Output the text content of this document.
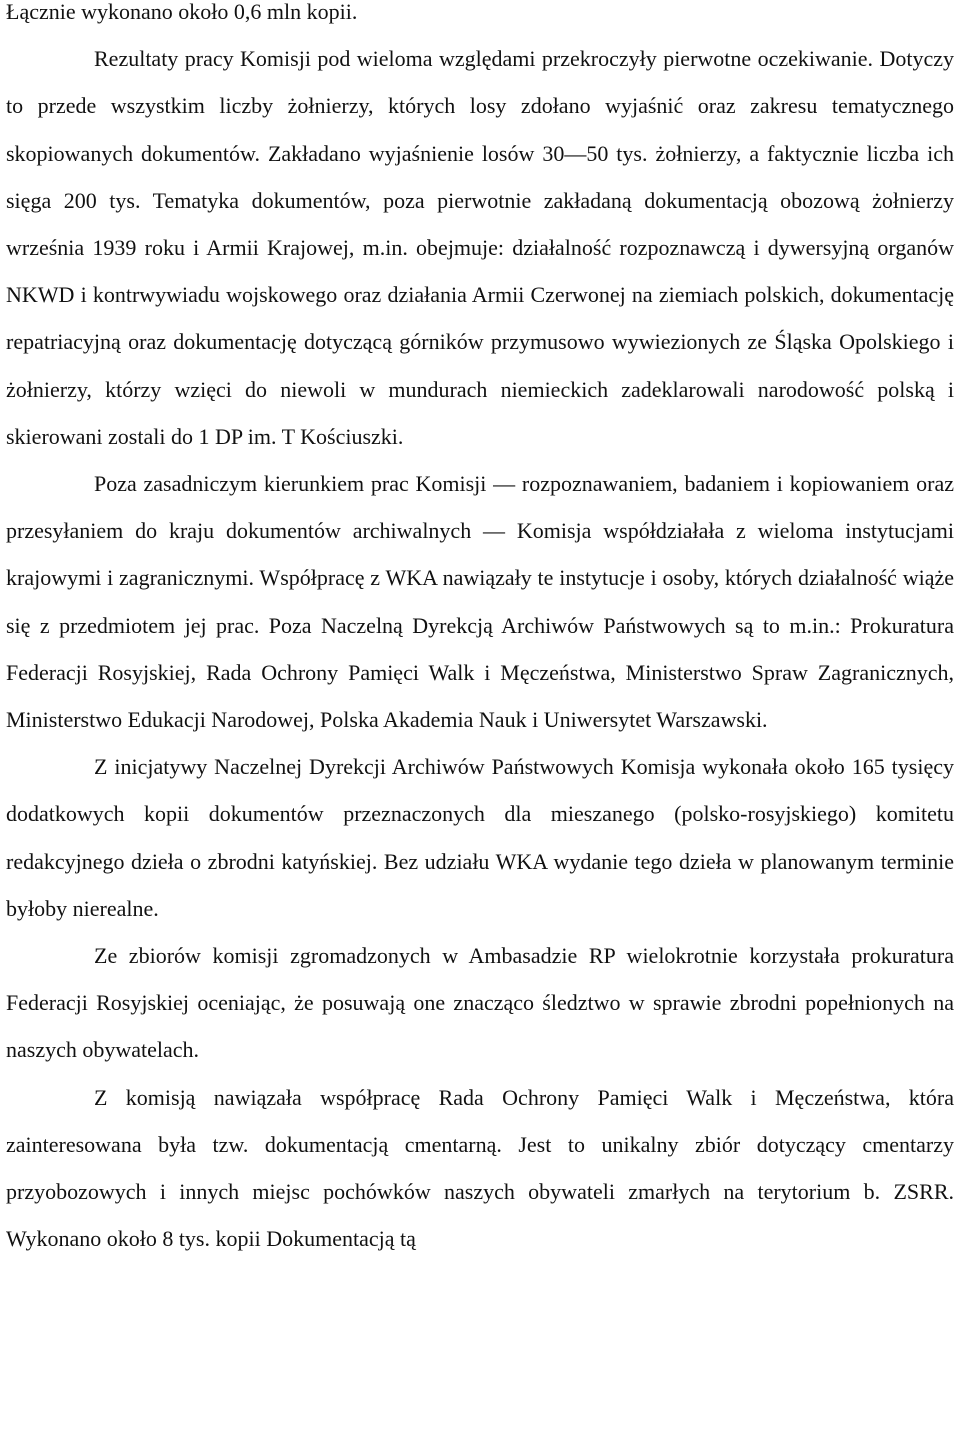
Łącznie wykonano około 0,6 mln kopii.

Rezultaty pracy Komisji pod wieloma względami przekroczyły pierwotne oczekiwanie. Dotyczy to przede wszystkim liczby żołnierzy, których losy zdołano wyjaśnić oraz zakresu tematycznego skopiowanych dokumentów. Zakładano wyjaśnienie losów 30—50 tys. żołnierzy, a faktycznie liczba ich sięga 200 tys. Tematyka dokumentów, poza pierwotnie zakładaną dokumentacją obozową żołnierzy września 1939 roku i Armii Krajowej, m.in. obejmuje: działalność rozpoznawczą i dywersyjną organów NKWD i kontrwywiadu wojskowego oraz działania Armii Czerwonej na ziemiach polskich, dokumentację repatriacyjną oraz dokumentację dotyczącą górników przymusowo wywiezionych ze Śląska Opolskiego i żołnierzy, którzy wzięci do niewoli w mundurach niemieckich zadeklarowali narodowość polską i skierowani zostali do 1 DP im. T Kościuszki.

Poza zasadniczym kierunkiem prac Komisji — rozpoznawaniem, badaniem i kopiowaniem oraz przesyłaniem do kraju dokumentów archiwalnych — Komisja współdziałała z wieloma instytucjami krajowymi i zagranicznymi. Współpracę z WKA nawiązały te instytucje i osoby, których działalność wiąże się z przedmiotem jej prac. Poza Naczelną Dyrekcją Archiwów Państwowych są to m.in.: Prokuratura Federacji Rosyjskiej, Rada Ochrony Pamięci Walk i Męczeństwa, Ministerstwo Spraw Zagranicznych, Ministerstwo Edukacji Narodowej, Polska Akademia Nauk i Uniwersytet Warszawski.

Z inicjatywy Naczelnej Dyrekcji Archiwów Państwowych Komisja wykonała około 165 tysięcy dodatkowych kopii dokumentów przeznaczonych dla mieszanego (polsko-rosyjskiego) komitetu redakcyjnego dzieła o zbrodni katyńskiej. Bez udziału WKA wydanie tego dzieła w planowanym terminie byłoby nierealne.

Ze zbiorów komisji zgromadzonych w Ambasadzie RP wielokrotnie korzystała prokuratura Federacji Rosyjskiej oceniając, że posuwają one znacząco śledztwo w sprawie zbrodni popełnionych na naszych obywatelach.

Z komisją nawiązała współpracę Rada Ochrony Pamięci Walk i Męczeństwa, która zainteresowana była tzw. dokumentacją cmentarną. Jest to unikalny zbiór dotyczący cmentarzy przyobozowych i innych miejsc pochówków naszych obywateli zmarłych na terytorium b. ZSRR. Wykonano około 8 tys. kopii Dokumentacją tą
